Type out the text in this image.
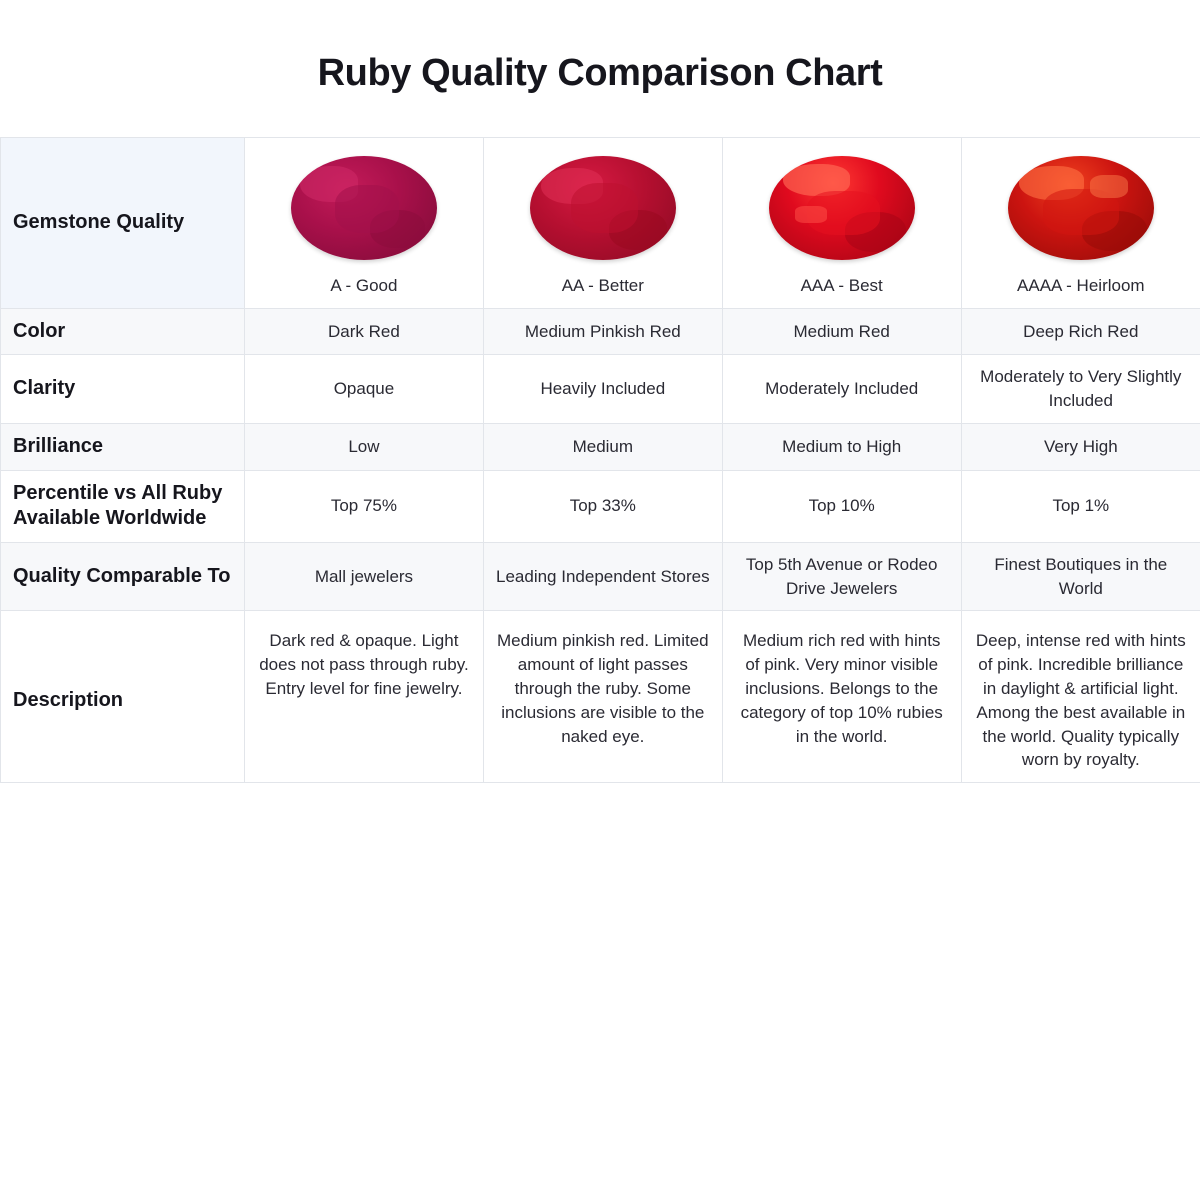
Ruby Quality Comparison Chart
Gemstone Quality	A - Good	AA - Better	AAA - Best	AAAA - Heirloom

Color	Dark Red	Medium Pinkish Red	Medium Red	Deep Rich Red
Clarity	Opaque	Heavily Included	Moderately Included	Moderately to Very Slightly Included
Brilliance	Low	Medium	Medium to High	Very High
Percentile vs All Ruby Available Worldwide	Top 75%	Top 33%	Top 10%	Top 1%
Quality Comparable To	Mall jewelers	Leading Independent Stores	Top 5th Avenue or Rodeo Drive Jewelers	Finest Boutiques in the World
Description	Dark red & opaque. Light does not pass through ruby. Entry level for fine jewelry.	Medium pinkish red. Limited amount of light passes through the ruby. Some inclusions are visible to the naked eye.	Medium rich red with hints of pink. Very minor visible inclusions. Belongs to the category of top 10% rubies in the world.	Deep, intense red with hints of pink. Incredible brilliance in daylight & artificial light. Among the best available in the world. Quality typically worn by royalty.
